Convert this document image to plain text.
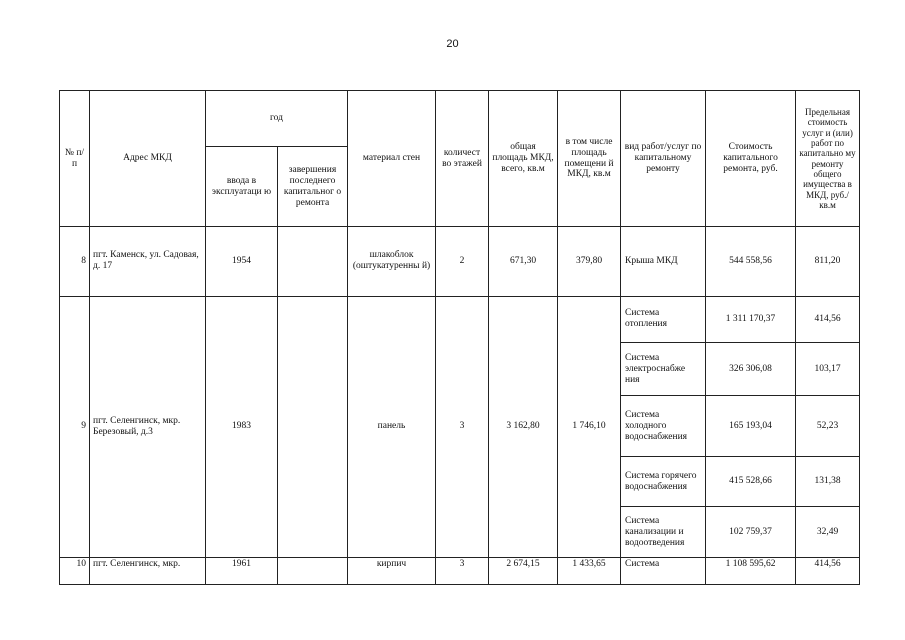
20
№ п/п	Адрес МКД	год		материал стен	количест во этажей	общая площадь МКД, всего, кв.м	в том числе площадь помещени й МКД, кв.м	вид работ/услуг по капитальному ремонту	Стоимость капитального ремонта, руб.	Предельная стоимость услуг и (или) работ по капитально му ремонту общего имущества в МКД, руб./кв.м
		ввода в эксплуатаци ю	завершения последнего капитальног о ремонта							
8	пгт. Каменск, ул. Садовая, д. 17	1954		шлакоблок (оштукатуренны й)	2	671,30	379,80	Крыша МКД	544 558,56	811,20
9	пгт. Селенгинск, мкр. Березовый, д.3	1983		панель	3	3 162,80	1 746,10	Система отопления	1 311 170,37	414,56
								Система электроснабже ния	326 306,08	103,17
								Система холодного водоснабжения	165 193,04	52,23
								Система горячего водоснабжения	415 528,66	131,38
								Система канализации и водоотведения	102 759,37	32,49
10	пгт. Селенгинск, мкр.	1961		кирпич	3	2 674,15	1 433,65	Система	1 108 595,62	414,56
